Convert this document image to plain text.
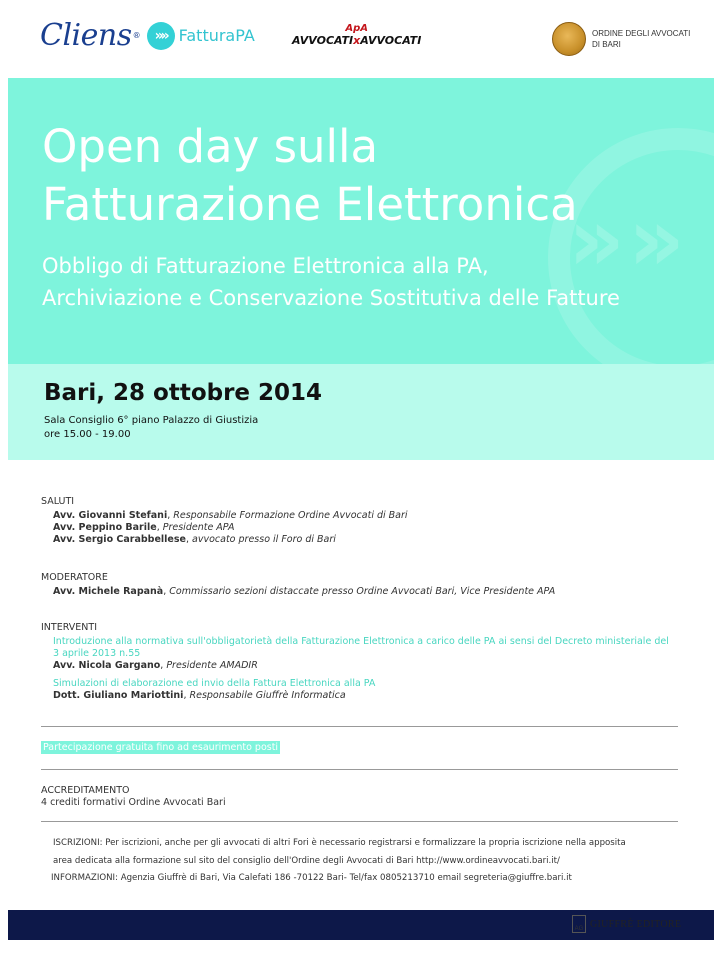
Cliens ® »» FatturaPA	ApA
AVVOCATIxAVVOCATI
ORDINE DEGLI AVVOCATI
DI BARI
» »
Open day sulla
Fatturazione Elettronica
Obbligo di Fatturazione Elettronica alla PA,
Archiviazione e Conservazione Sostitutiva delle Fatture
Bari, 28 ottobre 2014
Sala Consiglio 6° piano Palazzo di Giustizia
ore 15.00 - 19.00
SALUTI
Avv. Giovanni Stefani, Responsabile Formazione Ordine Avvocati di Bari
Avv. Peppino Barile, Presidente APA
Avv. Sergio Carabbellese, avvocato presso il Foro di Bari
MODERATORE
Avv. Michele Rapanà, Commissario sezioni distaccate presso Ordine Avvocati Bari, Vice Presidente APA
INTERVENTI
Introduzione alla normativa sull'obbligatorietà della Fatturazione Elettronica a carico delle PA ai sensi del Decreto ministeriale del
3 aprile 2013 n.55
Avv. Nicola Gargano, Presidente AMADIR
Simulazioni di elaborazione ed invio della Fattura Elettronica alla PA
Dott. Giuliano Mariottini, Responsabile Giuffrè Informatica
Partecipazione gratuita fino ad esaurimento posti
ACCREDITAMENTO
4 crediti formativi Ordine Avvocati Bari
ISCRIZIONI: Per iscrizioni, anche per gli avvocati di altri Fori è necessario registrarsi e formalizzare la propria iscrizione nella apposita
area dedicata alla formazione sul sito del consiglio dell'Ordine degli Avvocati di Bari http://www.ordineavvocati.bari.it/
INFORMAZIONI: Agenzia Giuffrè di Bari, Via Calefati 186 -70122 Bari- Tel/fax 0805213710 email segreteria@giuffre.bari.it
AG GIUFFRÈ EDITORE
